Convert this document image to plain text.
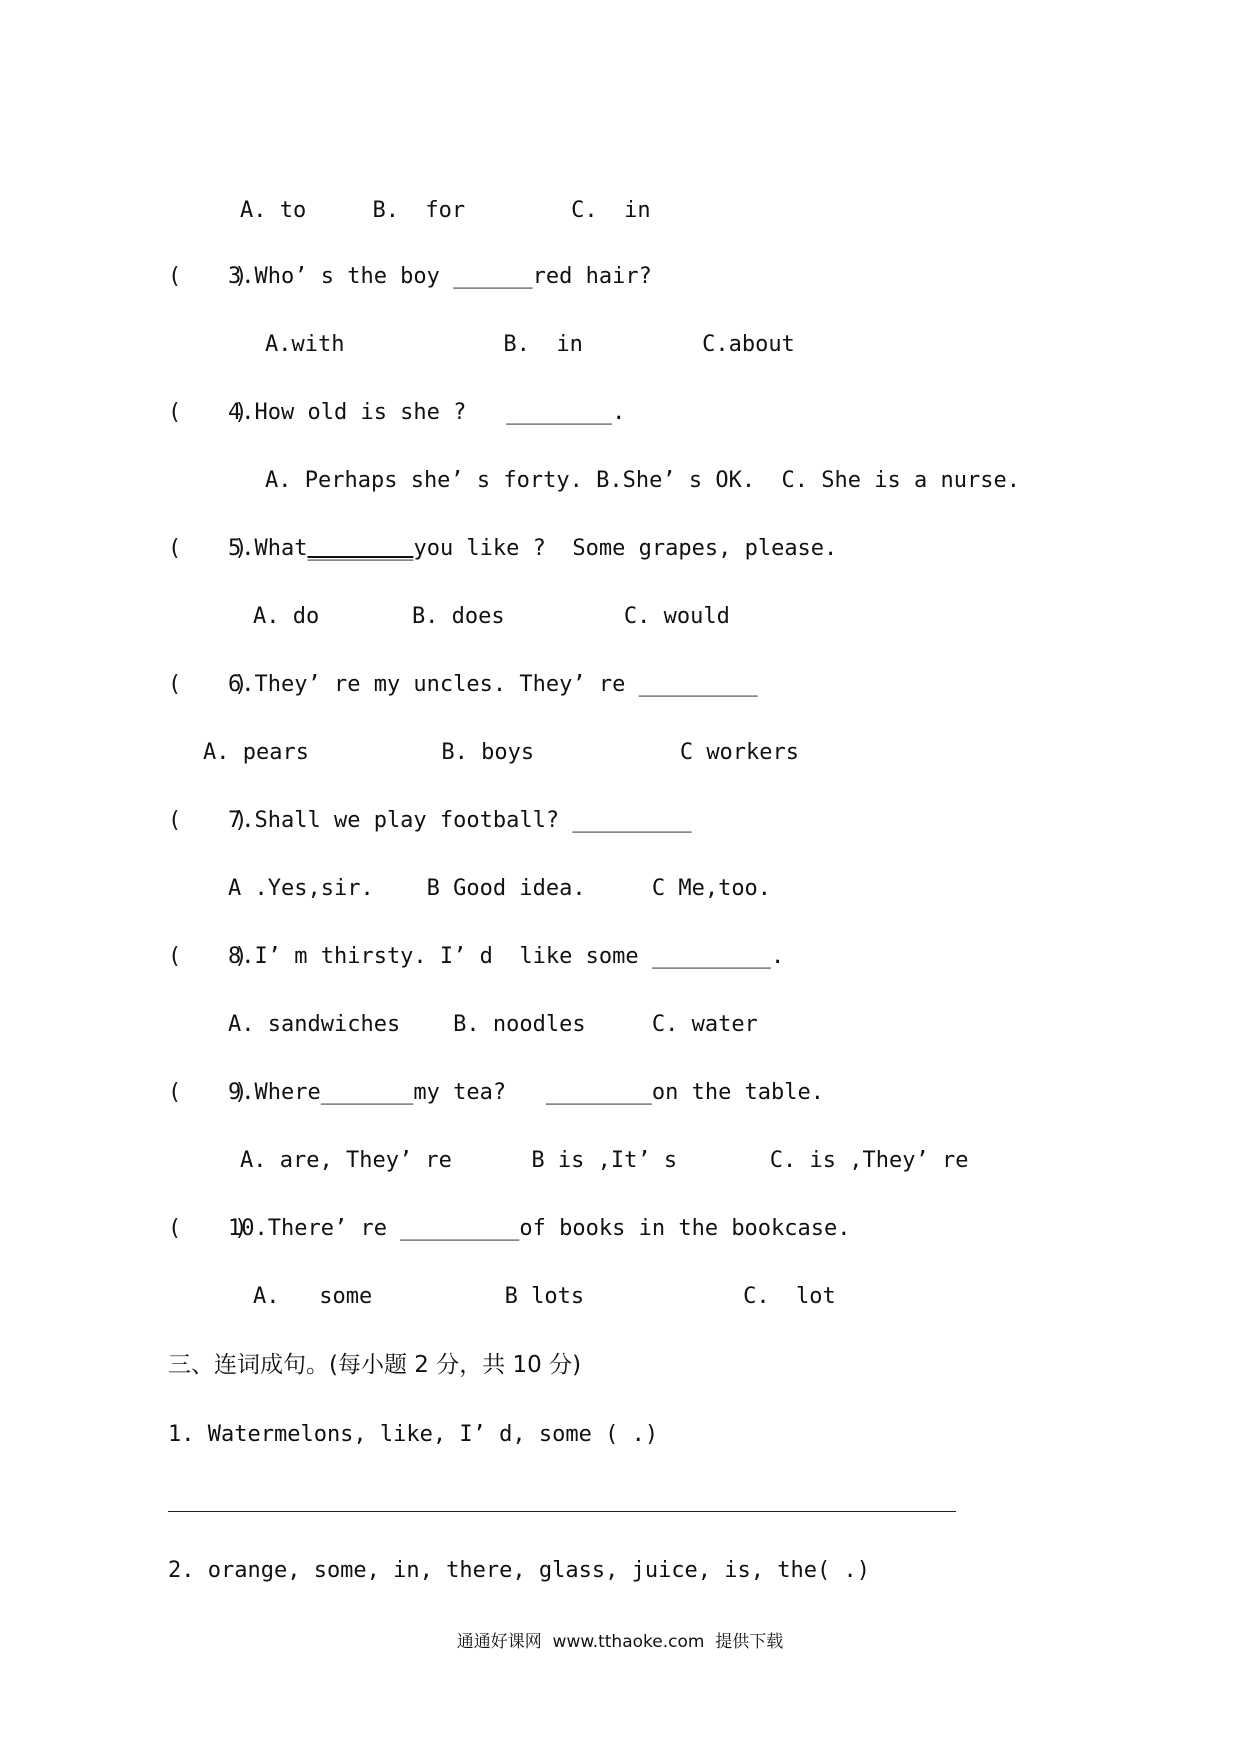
A. to     B.  for        C.  in
(    )
3.Who’ s the boy ______red hair?
A.with            B.  in         C.about
(    )
4.How old is she ?   ________.
A. Perhaps she’ s forty. B.She’ s OK.  C. She is a nurse.
(    )
5.What________you like ?  Some grapes, please.
A. do       B. does         C. would
(    )
6.They’ re my uncles. They’ re _________
A. pears          B. boys           C workers
(    )
7.Shall we play football? _________
A .Yes,sir.    B Good idea.     C Me,too.
(    )
8.I’ m thirsty. I’ d  like some _________.
A. sandwiches    B. noodles     C. water
(    )
9.Where_______my tea?   ________on the table.
A. are, They’ re      B is ,It’ s       C. is ,They’ re
(    )
10.There’ re _________of books in the bookcase.
A.   some          B lots            C.  lot
三、连词成句。(每小题 2 分，共 10 分)
1. Watermelons, like, I’ d, some ( .)
2. orange, some, in, there, glass, juice, is, the( .)
通通好课网  www.tthaoke.com  提供下载
